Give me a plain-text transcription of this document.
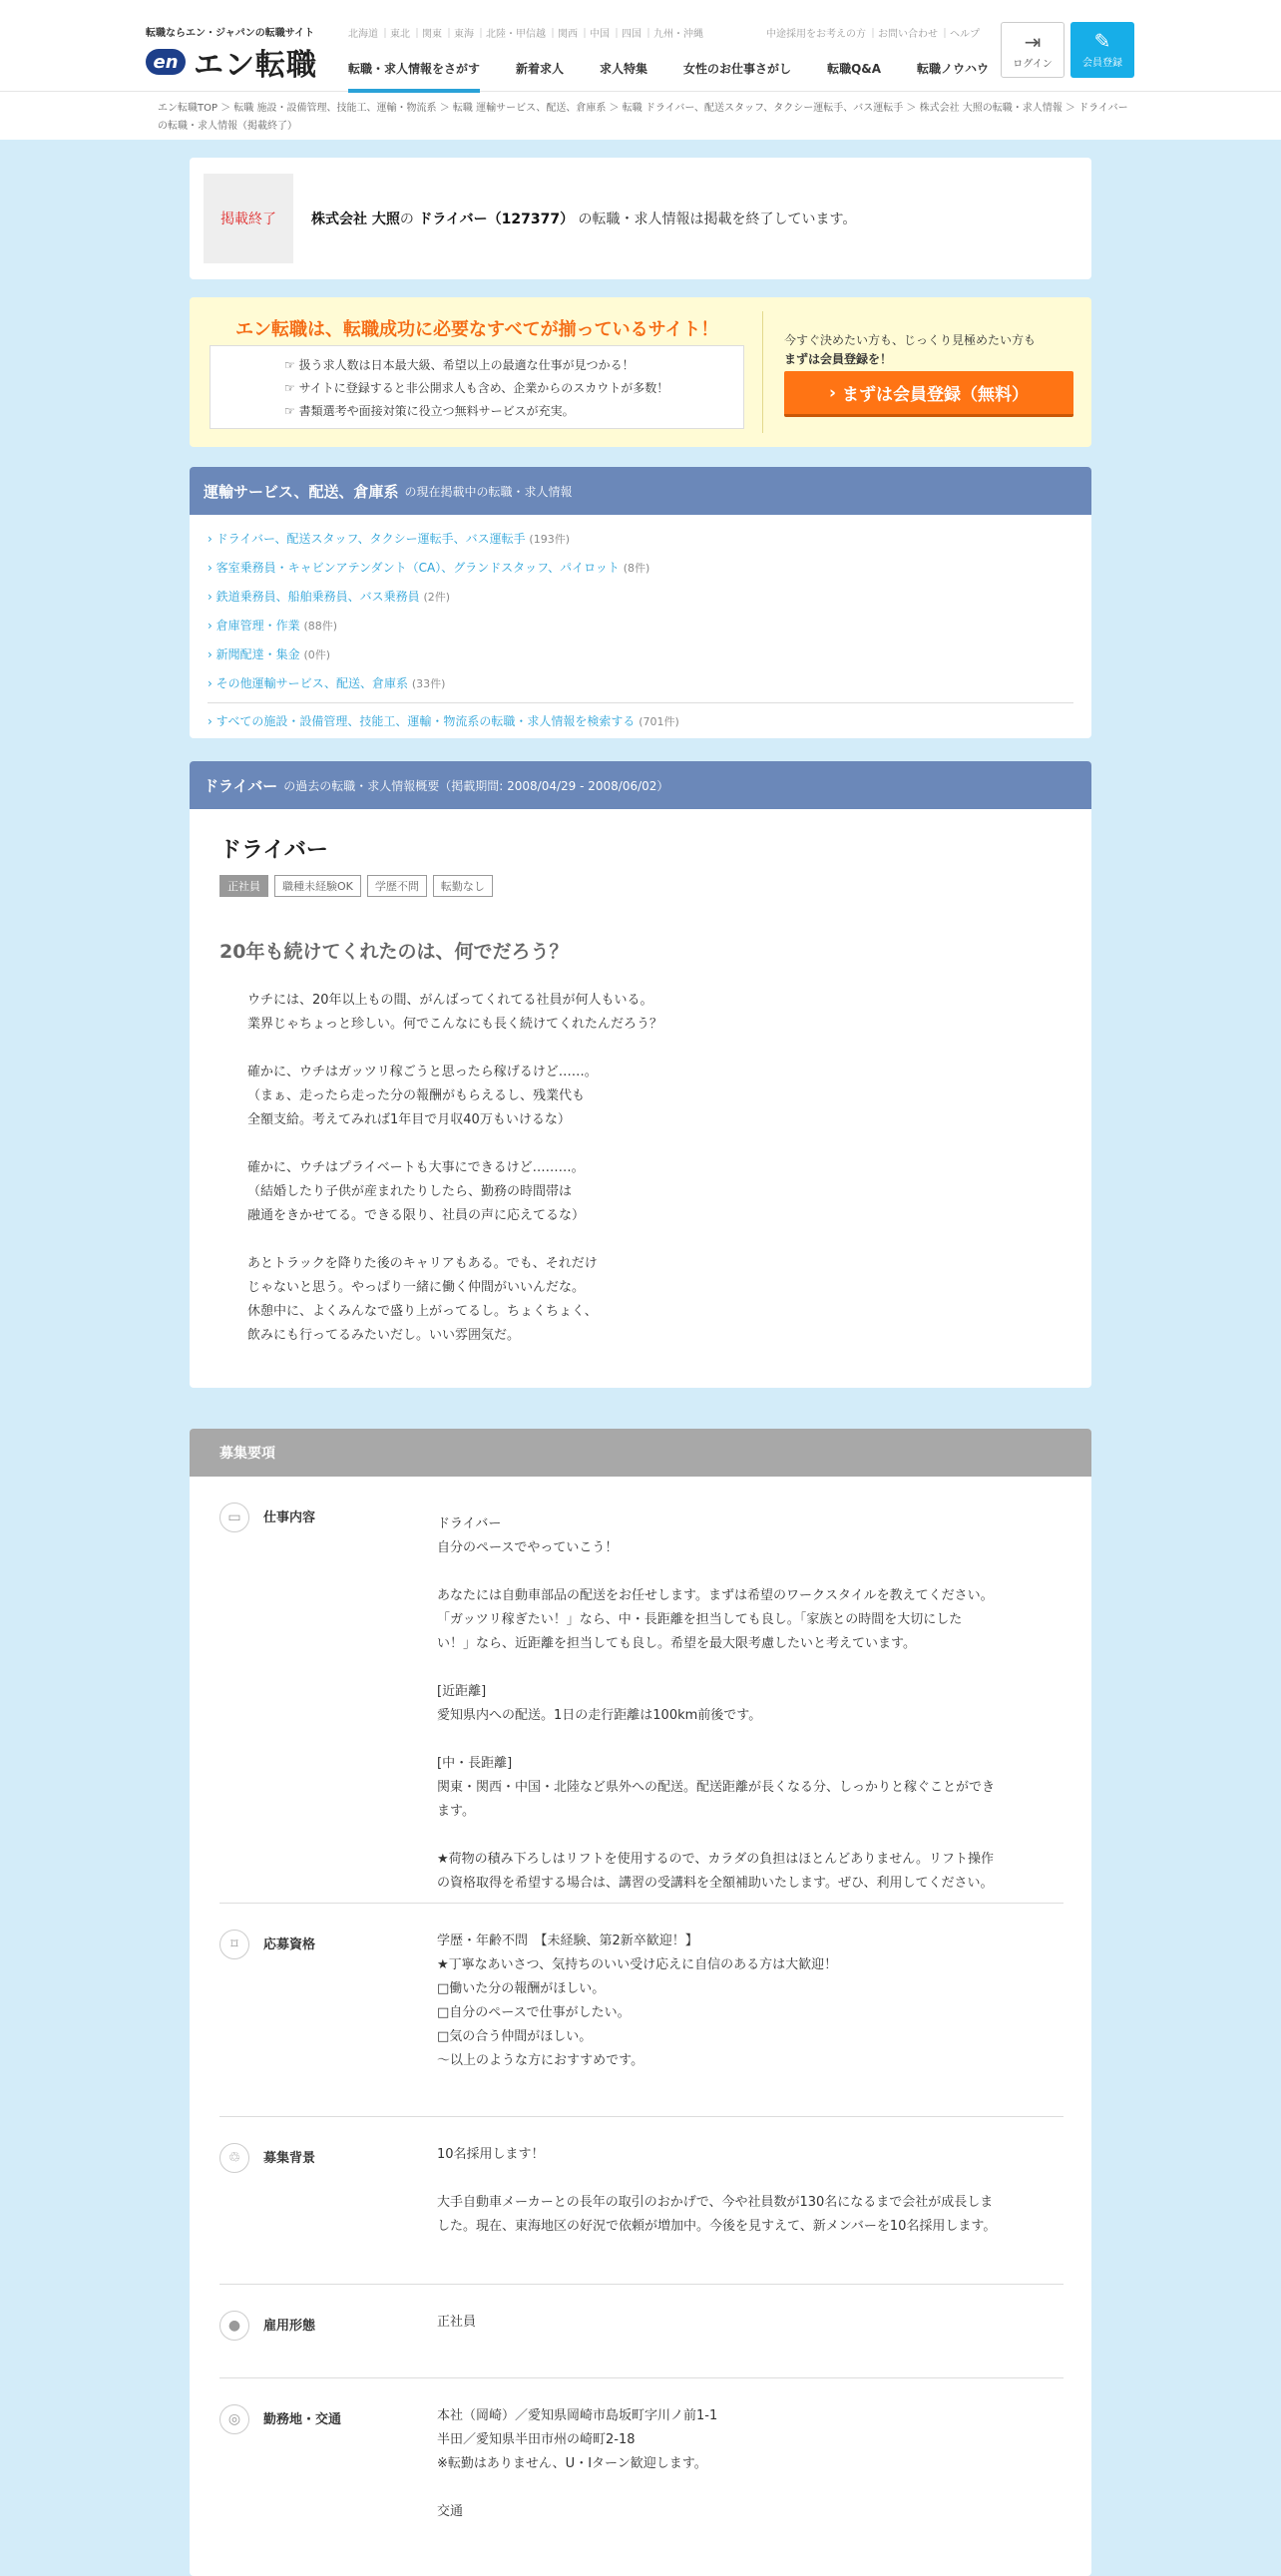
転職ならエン・ジャパンの転職サイト
en エン転職
北海道 ｜東北 ｜関東 ｜東海 ｜北陸・甲信越 ｜関西 ｜中国 ｜四国 ｜九州・沖縄	中途採用をお考えの方 ｜お問い合わせ ｜ヘルプ
転職・求人情報をさがす	新着求人	求人特集	女性のお仕事さがし	転職Q&A	転職ノウハウ
⇥
ログイン
✎
会員登録
エン転職TOP ＞ 転職 施設・設備管理、技能工、運輸・物流系 ＞ 転職 運輸サービス、配送、倉庫系 ＞ 転職 ドライバー、配送スタッフ、タクシー運転手、バス運転手 ＞ 株式会社 大照の転職・求人情報 ＞ ドライバーの転職・求人情報（掲載終了）
掲載終了	株式会社 大照の ドライバー（127377） の転職・求人情報は掲載を終了しています。
エン転職は、転職成功に必要なすべてが揃っているサイト！
☞ 扱う求人数は日本最大級、希望以上の最適な仕事が見つかる！
☞ サイトに登録すると非公開求人も含め、企業からのスカウトが多数！
☞ 書類選考や面接対策に役立つ無料サービスが充実。
今すぐ決めたい方も、じっくり見極めたい方も
まずは会員登録を！
› まずは会員登録（無料）
運輸サービス、配送、倉庫系 の現在掲載中の転職・求人情報
› ドライバー、配送スタッフ、タクシー運転手、バス運転手 (193件)
› 客室乗務員・キャビンアテンダント（CA）、グランドスタッフ、パイロット (8件)
› 鉄道乗務員、船舶乗務員、バス乗務員 (2件)
› 倉庫管理・作業 (88件)
› 新聞配達・集金 (0件)
› その他運輸サービス、配送、倉庫系 (33件)
› すべての施設・設備管理、技能工、運輸・物流系の転職・求人情報を検索する (701件)
ドライバー の過去の転職・求人情報概要（掲載期間: 2008/04/29 - 2008/06/02）
ドライバー
正社員	職種未経験OK	学歴不問	転勤なし
20年も続けてくれたのは、何でだろう？
ウチには、20年以上もの間、がんばってくれてる社員が何人もいる。
業界じゃちょっと珍しい。何でこんなにも長く続けてくれたんだろう？

確かに、ウチはガッツリ稼ごうと思ったら稼げるけど……。
（まぁ、走ったら走った分の報酬がもらえるし、残業代も
全額支給。考えてみれば1年目で月収40万もいけるな）

確かに、ウチはプライベートも大事にできるけど………。
（結婚したり子供が産まれたりしたら、勤務の時間帯は
融通をきかせてる。できる限り、社員の声に応えてるな）

あとトラックを降りた後のキャリアもある。でも、それだけ
じゃないと思う。やっぱり一緒に働く仲間がいいんだな。
休憩中に、よくみんなで盛り上がってるし。ちょくちょく、
飲みにも行ってるみたいだし。いい雰囲気だ。
募集要項
▭	仕事内容	ドライバー
自分のペースでやっていこう！

あなたには自動車部品の配送をお任せします。まずは希望のワークスタイルを教えてください。
「ガッツリ稼ぎたい！」なら、中・長距離を担当しても良し。「家族との時間を大切にした
い！」なら、近距離を担当しても良し。希望を最大限考慮したいと考えています。

[近距離]
愛知県内への配送。1日の走行距離は100km前後です。

[中・長距離]
関東・関西・中国・北陸など県外への配送。配送距離が長くなる分、しっかりと稼ぐことができ
ます。

★荷物の積み下ろしはリフトを使用するので、カラダの負担はほとんどありません。リフト操作
の資格取得を希望する場合は、講習の受講料を全額補助いたします。ぜひ、利用してください。
⌑	応募資格	学歴・年齢不問　【未経験、第2新卒歓迎！】
★丁寧なあいさつ、気持ちのいい受け応えに自信のある方は大歓迎！
□働いた分の報酬がほしい。
□自分のペースで仕事がしたい。
□気の合う仲間がほしい。
～以上のような方におすすめです。
♲	募集背景	10名採用します！

大手自動車メーカーとの長年の取引のおかげで、今や社員数が130名になるまで会社が成長しま
した。現在、東海地区の好況で依頼が増加中。今後を見すえて、新メンバーを10名採用します。
●	雇用形態	正社員
◎	勤務地・交通	本社（岡崎）／愛知県岡崎市島坂町字川ノ前1-1
半田／愛知県半田市州の崎町2-18
※転勤はありません、U・Iターン歓迎します。

交通
